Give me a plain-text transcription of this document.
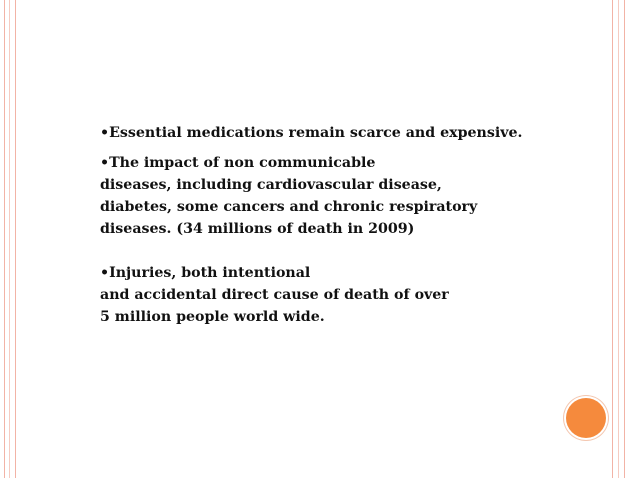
•Essential medications remain scarce and expensive.

•The impact of non communicable
diseases, including cardiovascular disease,
diabetes, some cancers and chronic respiratory
diseases. (34 millions of death in 2009)

•Injuries, both intentional
and accidental direct cause of death of over
5 million people world wide.
